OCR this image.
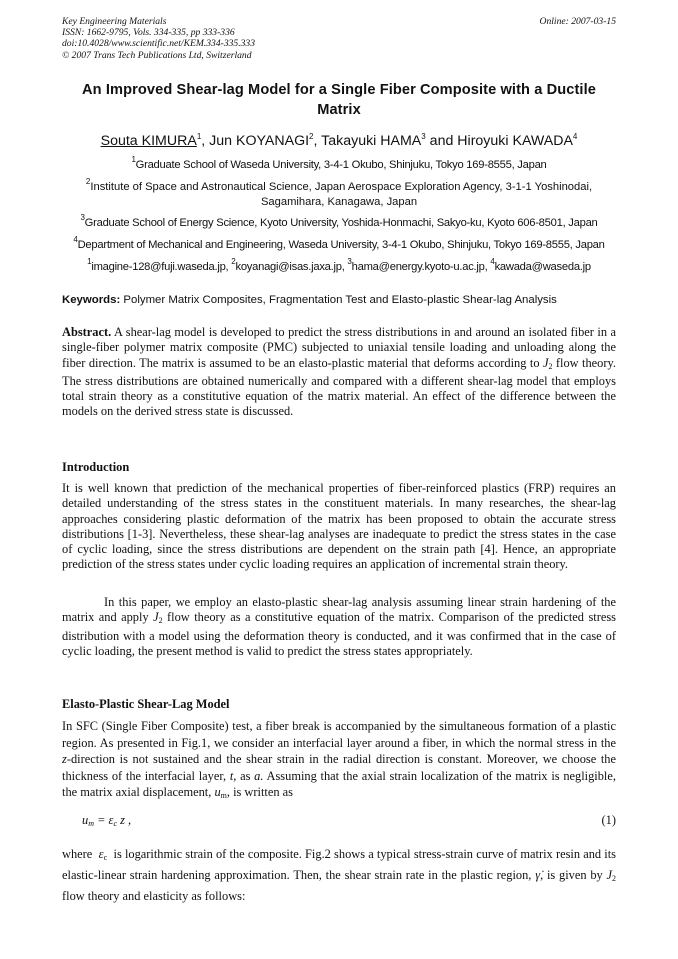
Key Engineering Materials
ISSN: 1662-9795, Vols. 334-335, pp 333-336
doi:10.4028/www.scientific.net/KEM.334-335.333
© 2007 Trans Tech Publications Ltd, Switzerland
Online: 2007-03-15
An Improved Shear-lag Model for a Single Fiber Composite with a Ductile Matrix
Souta KIMURA$^1$, Jun KOYANAGI$^2$, Takayuki HAMA$^3$ and Hiroyuki KAWADA$^4$
$^1$Graduate School of Waseda University, 3-4-1 Okubo, Shinjuku, Tokyo 169-8555, Japan
$^2$Institute of Space and Astronautical Science, Japan Aerospace Exploration Agency, 3-1-1 Yoshinodai, Sagamihara, Kanagawa, Japan
$^3$Graduate School of Energy Science, Kyoto University, Yoshida-Honmachi, Sakyo-ku, Kyoto 606-8501, Japan
$^4$Department of Mechanical and Engineering, Waseda University, 3-4-1 Okubo, Shinjuku, Tokyo 169-8555, Japan
$^1$imagine-128@fuji.waseda.jp, $^2$koyanagi@isas.jaxa.jp, $^3$hama@energy.kyoto-u.ac.jp, $^4$kawada@waseda.jp
Keywords: Polymer Matrix Composites, Fragmentation Test and Elasto-plastic Shear-lag Analysis
Abstract. A shear-lag model is developed to predict the stress distributions in and around an isolated fiber in a single-fiber polymer matrix composite (PMC) subjected to uniaxial tensile loading and unloading along the fiber direction. The matrix is assumed to be an elasto-plastic material that deforms according to $J_2$ flow theory. The stress distributions are obtained numerically and compared with a different shear-lag model that employs total strain theory as a constitutive equation of the matrix material. An effect of the difference between the models on the derived stress state is discussed.
Introduction
It is well known that prediction of the mechanical properties of fiber-reinforced plastics (FRP) requires an detailed understanding of the stress states in the constituent materials. In many researches, the shear-lag approaches considering plastic deformation of the matrix has been proposed to obtain the accurate stress distributions [1-3]. Nevertheless, these shear-lag analyses are inadequate to predict the stress states in the case of cyclic loading, since the stress distributions are dependent on the strain path [4]. Hence, an appropriate prediction of the stress states under cyclic loading requires an application of incremental strain theory.
In this paper, we employ an elasto-plastic shear-lag analysis assuming linear strain hardening of the matrix and apply $J_2$ flow theory as a constitutive equation of the matrix. Comparison of the predicted stress distribution with a model using the deformation theory is conducted, and it was confirmed that in the case of cyclic loading, the present method is valid to predict the stress states appropriately.
Elasto-Plastic Shear-Lag Model
In SFC (Single Fiber Composite) test, a fiber break is accompanied by the simultaneous formation of a plastic region. As presented in Fig.1, we consider an interfacial layer around a fiber, in which the normal stress in the z-direction is not sustained and the shear strain in the radial direction is constant. Moreover, we choose the thickness of the interfacial layer, t, as a. Assuming that the axial strain localization of the matrix is negligible, the matrix axial displacement, $u_m$, is written as
$u_m = \varepsilon_c$ z ,	(1)
where $\varepsilon_c$ is logarithmic strain of the composite. Fig.2 shows a typical stress-strain curve of matrix resin and its elastic-linear strain hardening approximation. Then, the shear strain rate in the plastic region, γ̇, is given by $J_2$ flow theory and elasticity as follows:
